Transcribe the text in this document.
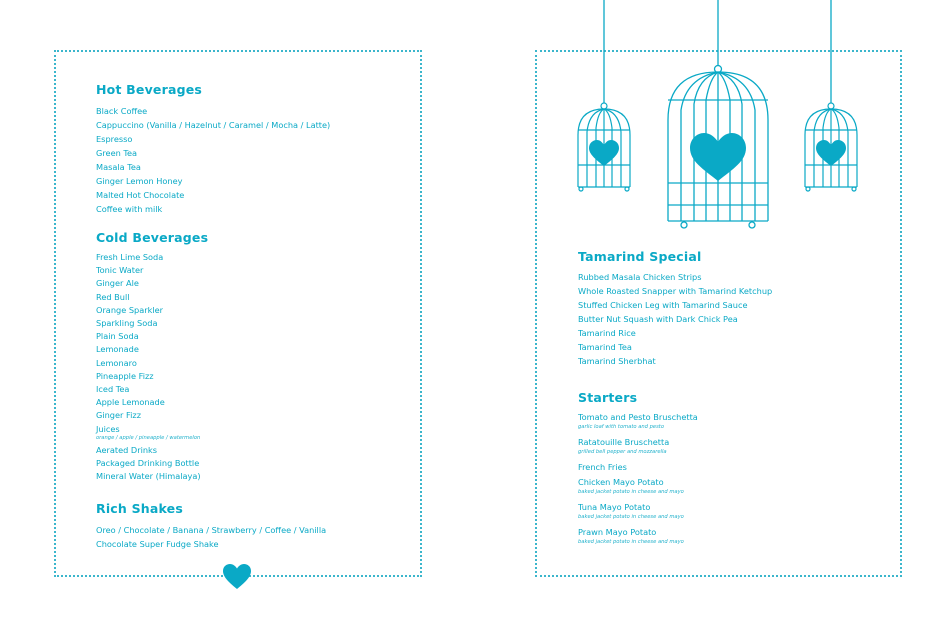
Hot Beverages
Black Coffee
Cappuccino (Vanilla / Hazelnut / Caramel / Mocha / Latte)
Espresso
Green Tea
Masala Tea
Ginger Lemon Honey
Malted Hot Chocolate
Coffee with milk
Cold Beverages
Fresh Lime Soda
Tonic Water
Ginger Ale
Red Bull
Orange Sparkler
Sparkling Soda
Plain Soda
Lemonade
Lemonaro
Pineapple Fizz
Iced Tea
Apple Lemonade
Ginger Fizz
Juices
orange / apple / pineapple / watermelon
Aerated Drinks
Packaged Drinking Bottle
Mineral Water (Himalaya)
Rich Shakes
Oreo / Chocolate / Banana / Strawberry / Coffee / Vanilla
Chocolate Super Fudge Shake
Tamarind Special
Rubbed Masala Chicken Strips
Whole Roasted Snapper with Tamarind Ketchup
Stuffed Chicken Leg with Tamarind Sauce
Butter Nut Squash with Dark Chick Pea
Tamarind Rice
Tamarind Tea
Tamarind Sherbhat
Starters
Tomato and Pesto Bruschetta
garlic loaf with tomato and pesto
Ratatouille Bruschetta
grilled bell pepper and mozzarella
French Fries
Chicken Mayo Potato
baked jacket potato in cheese and mayo
Tuna Mayo Potato
baked jacket potato in cheese and mayo
Prawn Mayo Potato
baked jacket potato in cheese and mayo
